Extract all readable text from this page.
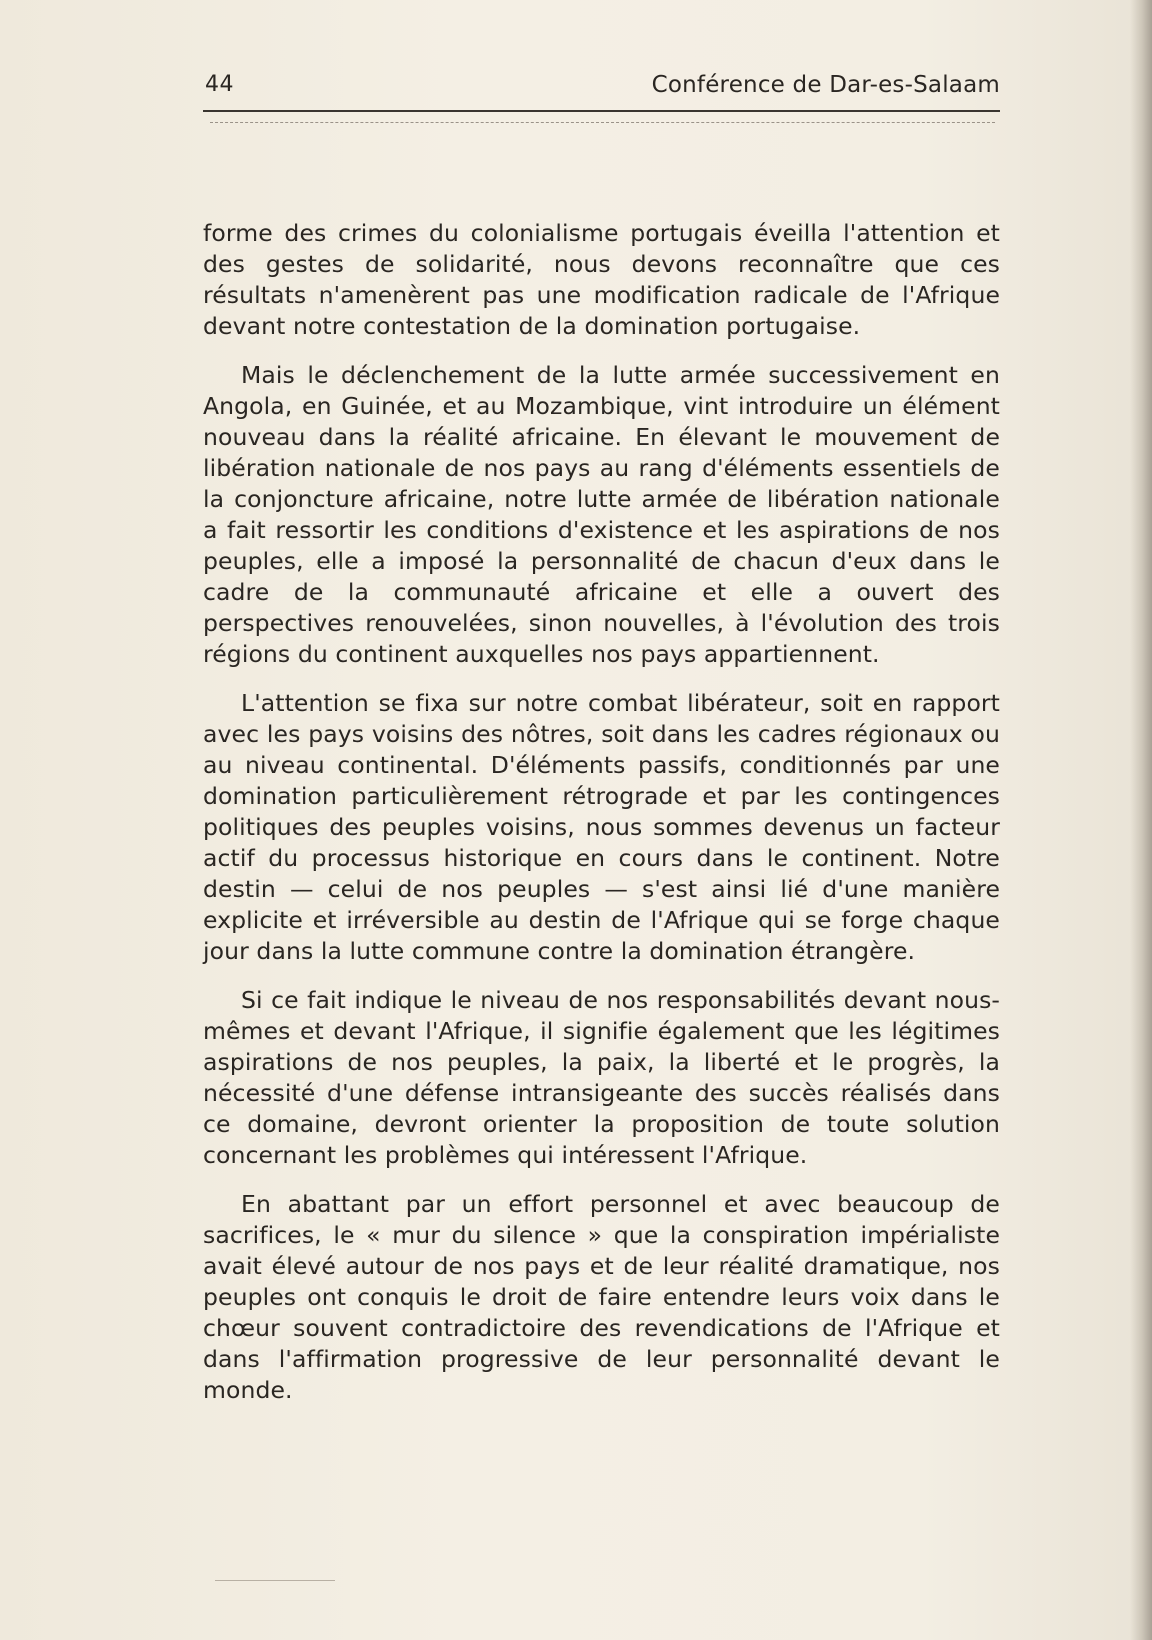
44	Conférence de Dar-es-Salaam

forme des crimes du colonialisme portugais éveilla l'attention et des gestes de solidarité, nous devons reconnaître que ces résultats n'amenèrent pas une modification radicale de l'Afrique devant notre contestation de la domination portugaise.

Mais le déclenchement de la lutte armée successivement en Angola, en Guinée, et au Mozambique, vint introduire un élément nouveau dans la réalité africaine. En élevant le mouvement de libération nationale de nos pays au rang d'éléments essentiels de la conjoncture africaine, notre lutte armée de libération nationale a fait ressortir les conditions d'existence et les aspirations de nos peuples, elle a imposé la personnalité de chacun d'eux dans le cadre de la communauté africaine et elle a ouvert des perspectives renouvelées, sinon nouvelles, à l'évolution des trois régions du continent auxquelles nos pays appartiennent.

L'attention se fixa sur notre combat libérateur, soit en rapport avec les pays voisins des nôtres, soit dans les cadres régionaux ou au niveau continental. D'éléments passifs, conditionnés par une domination particulièrement rétrograde et par les contingences politiques des peuples voisins, nous sommes devenus un facteur actif du processus historique en cours dans le continent. Notre destin — celui de nos peuples — s'est ainsi lié d'une manière explicite et irréversible au destin de l'Afrique qui se forge chaque jour dans la lutte commune contre la domination étrangère.

Si ce fait indique le niveau de nos responsabilités devant nous-mêmes et devant l'Afrique, il signifie également que les légitimes aspirations de nos peuples, la paix, la liberté et le progrès, la nécessité d'une défense intransigeante des succès réalisés dans ce domaine, devront orienter la proposition de toute solution concernant les problèmes qui intéressent l'Afrique.

En abattant par un effort personnel et avec beaucoup de sacrifices, le « mur du silence » que la conspiration impérialiste avait élevé autour de nos pays et de leur réalité dramatique, nos peuples ont conquis le droit de faire entendre leurs voix dans le chœur souvent contradictoire des revendications de l'Afrique et dans l'affirmation progressive de leur personnalité devant le monde.
